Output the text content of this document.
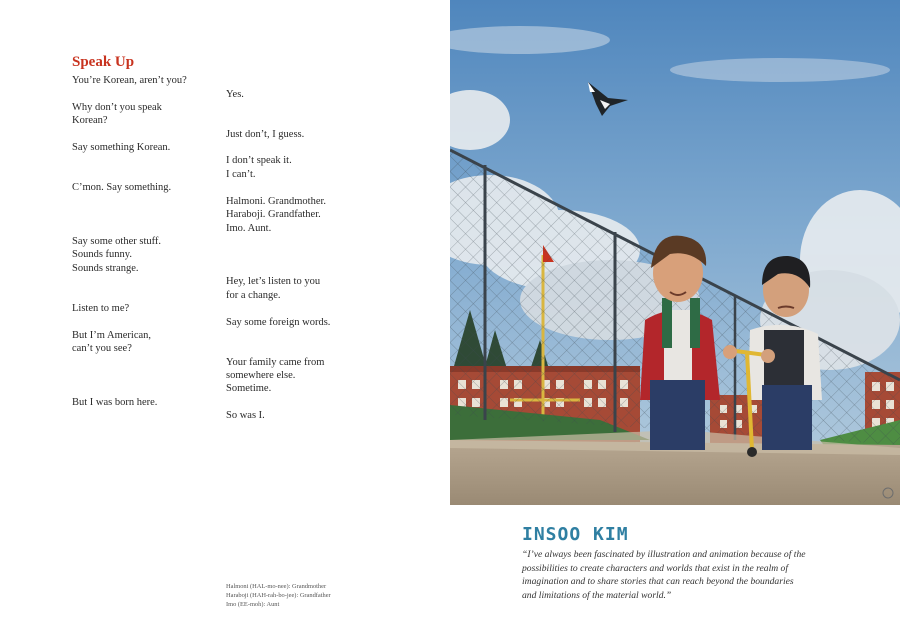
Speak Up
You’re Korean, aren’t you?
Why don’t you speak
Korean?
Say something Korean.
C’mon. Say something.
Say some other stuff.
Sounds funny.
Sounds strange.
Listen to me?
But I’m American,
can’t you see?
But I was born here.
Yes.
Just don’t, I guess.
I don’t speak it.
I can’t.
Halmoni. Grandmother.
Haraboji. Grandfather.
Imo. Aunt.
Hey, let’s listen to you
for a change.
Say some foreign words.
Your family came from
somewhere else.
Sometime.
So was I.
Halmoni (HAL-mo-nee): Grandmother
Haraboji (HAH-rah-bo-jee): Grandfather
Imo (EE-moh): Aunt
INSOO KIM
“I’ve always been fascinated by illustration and animation because of the
possibilities to create characters and worlds that exist in the realm of
imagination and to share stories that can reach beyond the boundaries
and limitations of the material world.”
